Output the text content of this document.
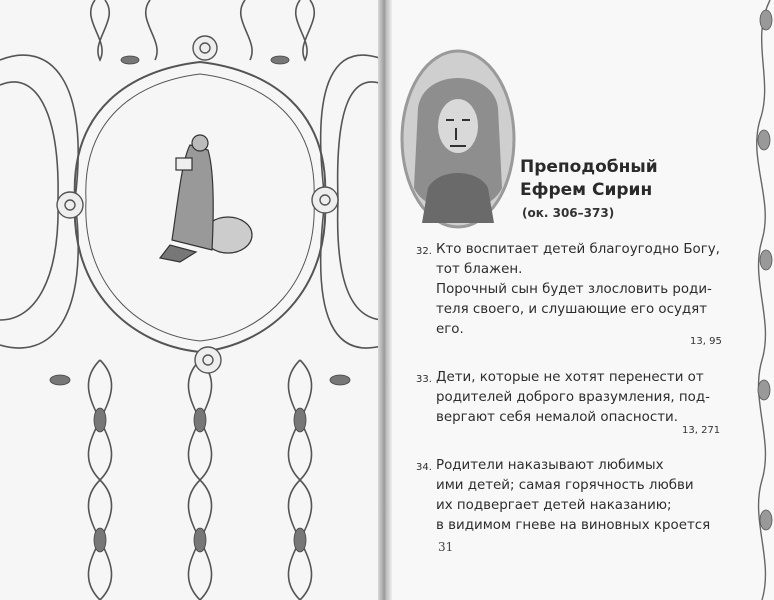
Преподобный
Ефрем Сирин
(ок. 306–373)
32. Кто воспитает детей благоугодно Богу,

тот блажен.

Порочный сын будет злословить роди-

теля своего, и слушающие его осудят

его.

13, 95
33. Дети, которые не хотят перенести от

родителей доброго вразумления, под-

вергают себя немалой опасности.

13, 271
34. Родители наказывают любимых

ими детей; самая горячность любви

их подвергает детей наказанию;

в видимом гневе на виновных кроется

31
